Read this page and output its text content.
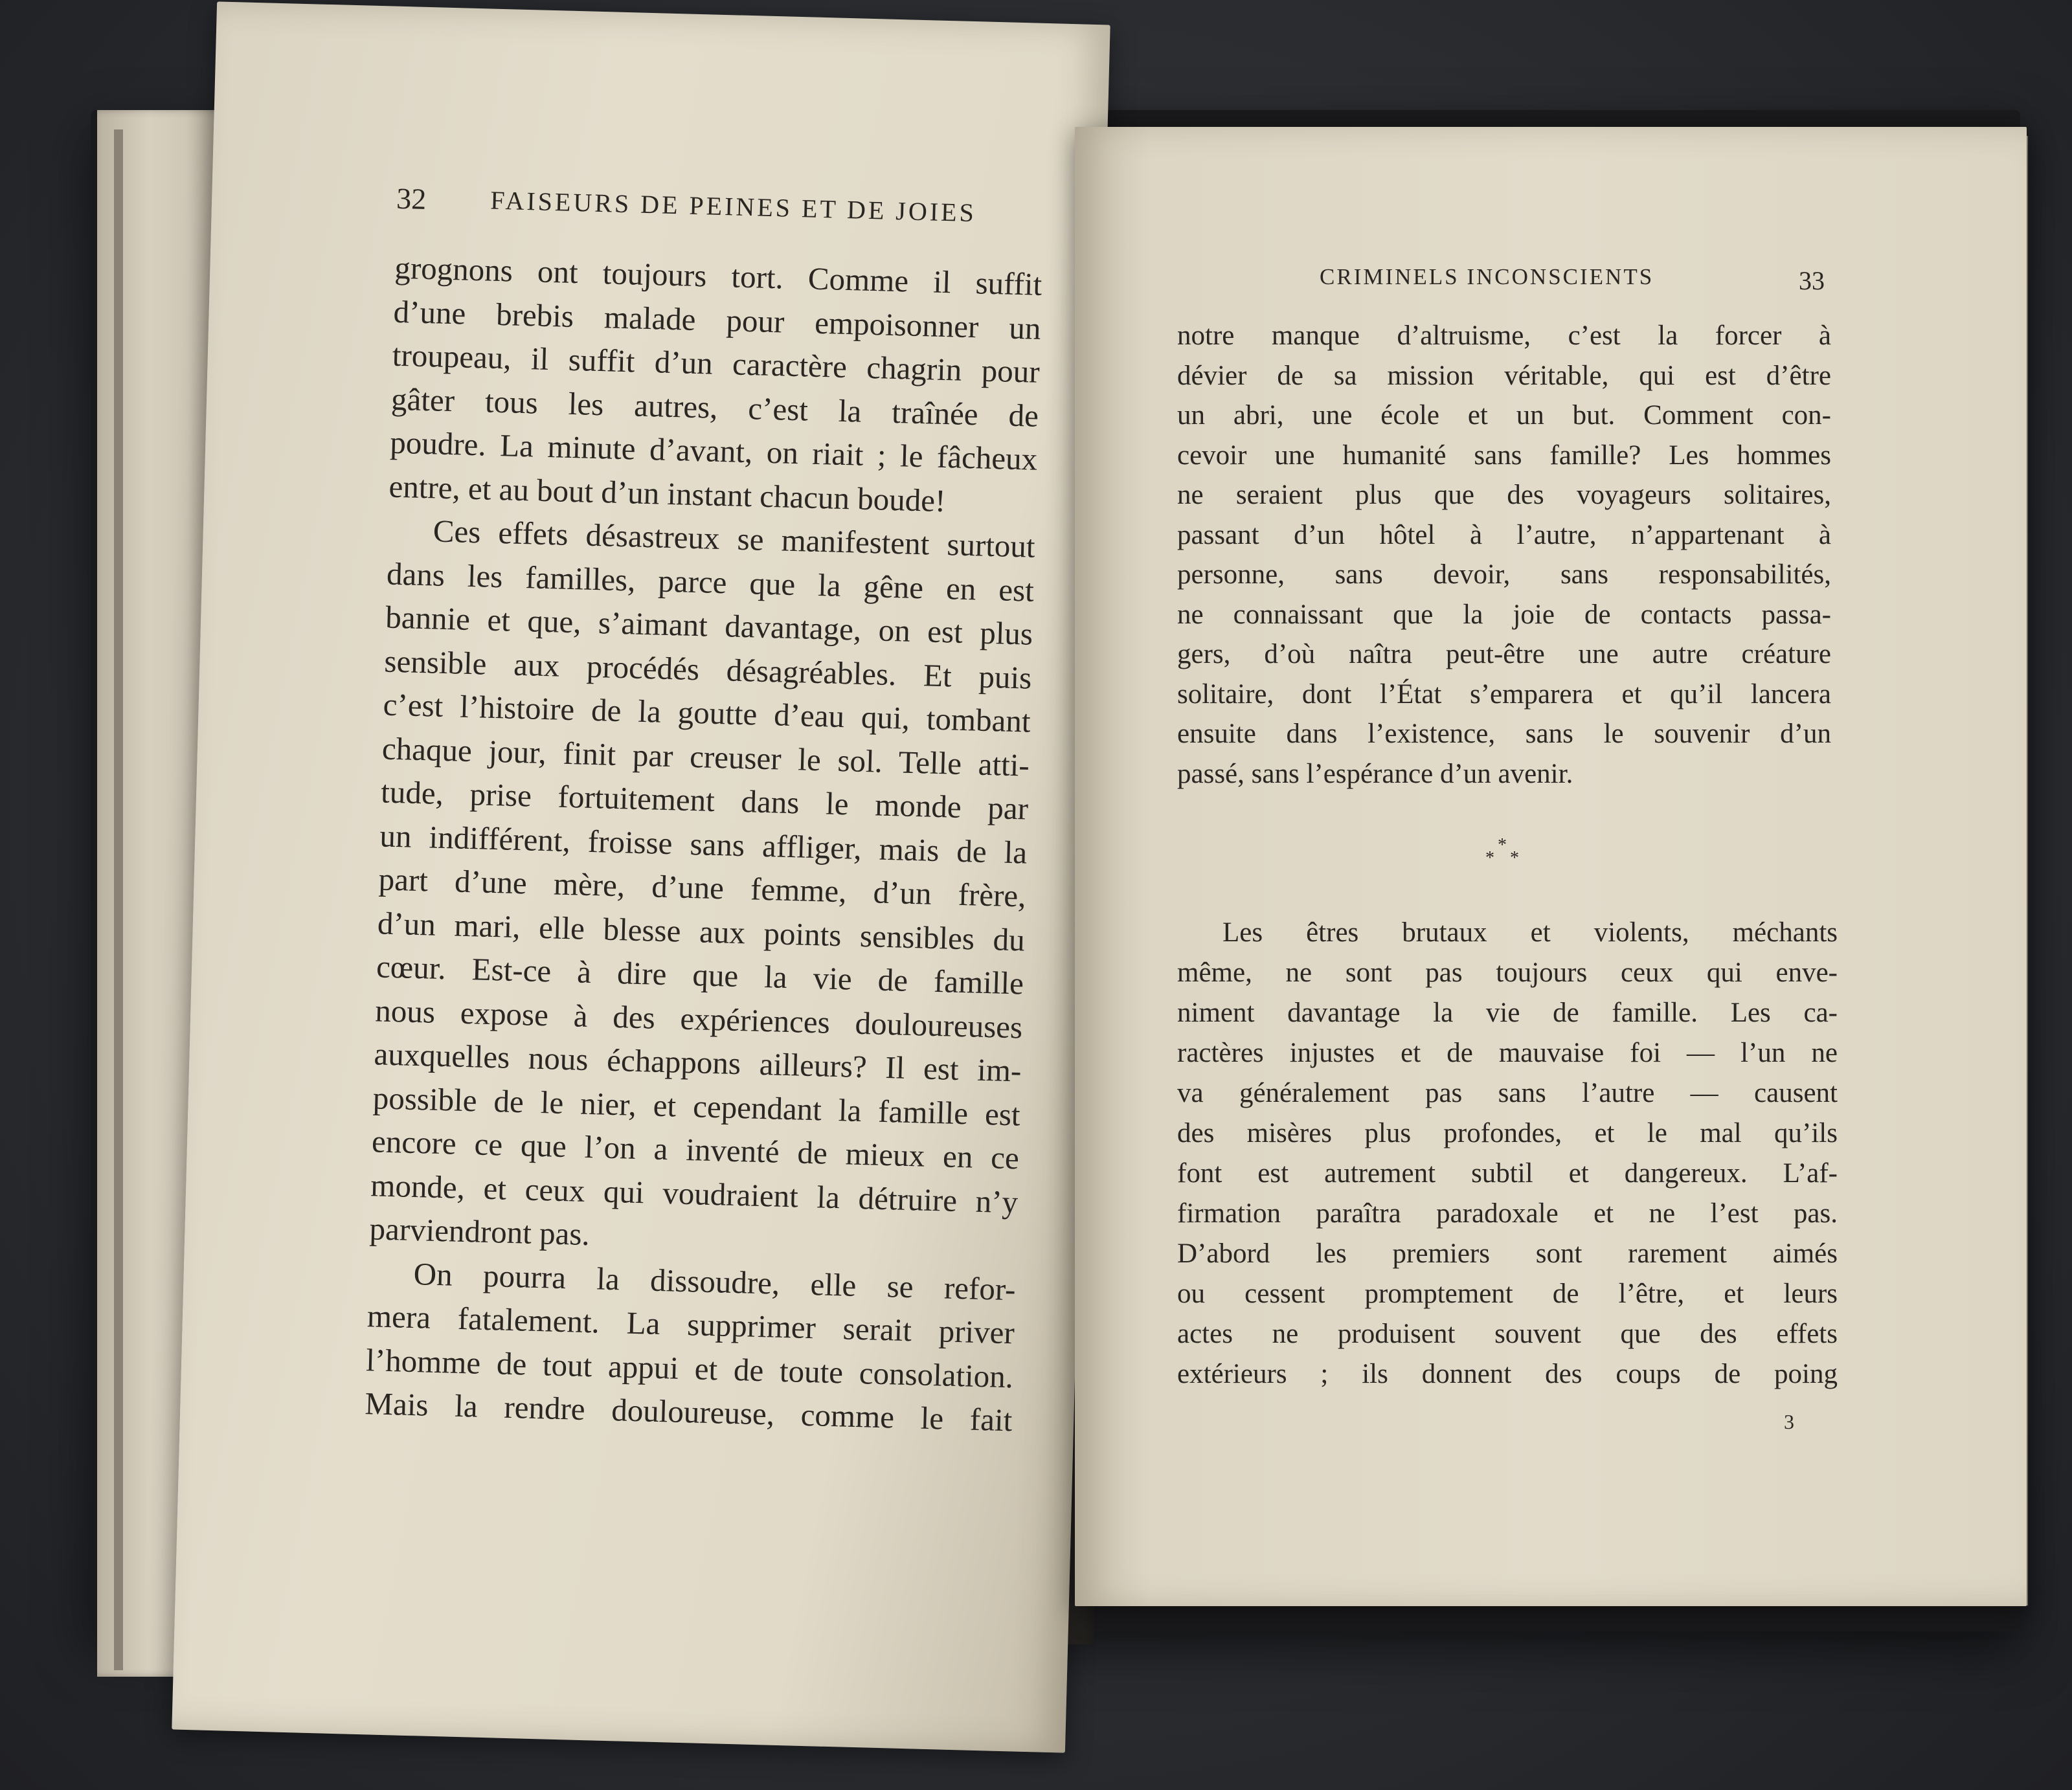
32 FAISEURS DE PEINES ET DE JOIES
grognons ont toujours tort. Comme il suffit
d’une brebis malade pour empoisonner un
troupeau, il suffit d’un caractère chagrin pour
gâter tous les autres, c’est la traînée de
poudre. La minute d’avant, on riait ; le fâcheux
entre, et au bout d’un instant chacun boude!
Ces effets désastreux se manifestent surtout
dans les familles, parce que la gêne en est
bannie et que, s’aimant davantage, on est plus
sensible aux procédés désagréables. Et puis
c’est l’histoire de la goutte d’eau qui, tombant
chaque jour, finit par creuser le sol. Telle atti-
tude, prise fortuitement dans le monde par
un indifférent, froisse sans affliger, mais de la
part d’une mère, d’une femme, d’un frère,
d’un mari, elle blesse aux points sensibles du
cœur. Est-ce à dire que la vie de famille
nous expose à des expériences douloureuses
auxquelles nous échappons ailleurs? Il est im-
possible de le nier, et cependant la famille est
encore ce que l’on a inventé de mieux en ce
monde, et ceux qui voudraient la détruire n’y
parviendront pas.
On pourra la dissoudre, elle se refor-
mera fatalement. La supprimer serait priver
l’homme de tout appui et de toute consolation.
Mais la rendre douloureuse, comme le fait
CRIMINELS INCONSCIENTS	33
notre manque d’altruisme, c’est la forcer à
dévier de sa mission véritable, qui est d’être
un abri, une école et un but. Comment con-
cevoir une humanité sans famille? Les hommes
ne seraient plus que des voyageurs solitaires,
passant d’un hôtel à l’autre, n’appartenant à
personne, sans devoir, sans responsabilités,
ne connaissant que la joie de contacts passa-
gers, d’où naîtra peut-être une autre créature
solitaire, dont l’État s’emparera et qu’il lancera
ensuite dans l’existence, sans le souvenir d’un
passé, sans l’espérance d’un avenir.
*
* *
Les êtres brutaux et violents, méchants
même, ne sont pas toujours ceux qui enve-
niment davantage la vie de famille. Les ca-
ractères injustes et de mauvaise foi — l’un ne
va généralement pas sans l’autre — causent
des misères plus profondes, et le mal qu’ils
font est autrement subtil et dangereux. L’af-
firmation paraîtra paradoxale et ne l’est pas.
D’abord les premiers sont rarement aimés
ou cessent promptement de l’être, et leurs
actes ne produisent souvent que des effets
extérieurs ; ils donnent des coups de poing
3
